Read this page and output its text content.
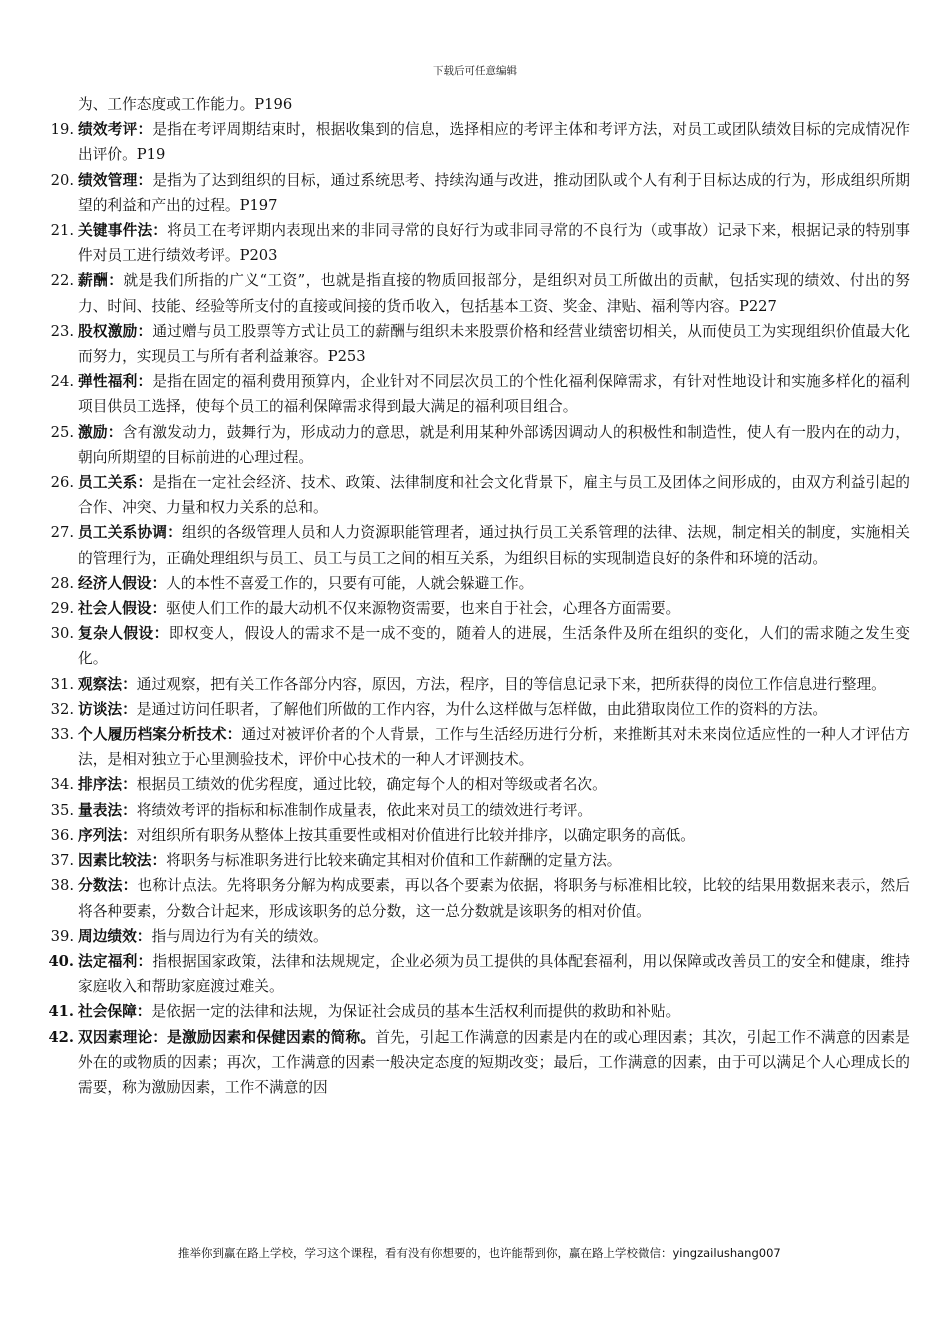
下载后可任意编辑
为、工作态度或工作能力。P196
19. 绩效考评：是指在考评周期结束时，根据收集到的信息，选择相应的考评主体和考评方法，对员工或团队绩效目标的完成情况作出评价。P19
20. 绩效管理：是指为了达到组织的目标，通过系统思考、持续沟通与改进，推动团队或个人有利于目标达成的行为，形成组织所期望的利益和产出的过程。P197
21. 关键事件法：将员工在考评期内表现出来的非同寻常的良好行为或非同寻常的不良行为（或事故）记录下来，根据记录的特别事件对员工进行绩效考评。P203
22. 薪酬：就是我们所指的广义“工资”，也就是指直接的物质回报部分，是组织对员工所做出的贡献，包括实现的绩效、付出的努力、时间、技能、经验等所支付的直接或间接的货币收入，包括基本工资、奖金、津贴、福利等内容。P227
23. 股权激励：通过赠与员工股票等方式让员工的薪酬与组织未来股票价格和经营业绩密切相关，从而使员工为实现组织价值最大化而努力，实现员工与所有者利益兼容。P253
24. 弹性福利：是指在固定的福利费用预算内，企业针对不同层次员工的个性化福利保障需求，有针对性地设计和实施多样化的福利项目供员工选择，使每个员工的福利保障需求得到最大满足的福利项目组合。
25. 激励：含有激发动力，鼓舞行为，形成动力的意思，就是利用某种外部诱因调动人的积极性和制造性，使人有一股内在的动力，朝向所期望的目标前进的心理过程。
26. 员工关系：是指在一定社会经济、技术、政策、法律制度和社会文化背景下，雇主与员工及团体之间形成的，由双方利益引起的合作、冲突、力量和权力关系的总和。
27. 员工关系协调：组织的各级管理人员和人力资源职能管理者，通过执行员工关系管理的法律、法规，制定相关的制度，实施相关的管理行为，正确处理组织与员工、员工与员工之间的相互关系，为组织目标的实现制造良好的条件和环境的活动。
28. 经济人假设：人的本性不喜爱工作的，只要有可能，人就会躲避工作。
29. 社会人假设：驱使人们工作的最大动机不仅来源物资需要，也来自于社会，心理各方面需要。
30. 复杂人假设：即权变人，假设人的需求不是一成不变的，随着人的进展，生活条件及所在组织的变化，人们的需求随之发生变化。
31. 观察法：通过观察，把有关工作各部分内容，原因，方法，程序，目的等信息记录下来，把所获得的岗位工作信息进行整理。
32. 访谈法：是通过访问任职者，了解他们所做的工作内容，为什么这样做与怎样做，由此猎取岗位工作的资料的方法。
33. 个人履历档案分析技术：通过对被评价者的个人背景，工作与生活经历进行分析，来推断其对未来岗位适应性的一种人才评估方法，是相对独立于心里测验技术，评价中心技术的一种人才评测技术。
34. 排序法：根据员工绩效的优劣程度，通过比较，确定每个人的相对等级或者名次。
35. 量表法：将绩效考评的指标和标准制作成量表，依此来对员工的绩效进行考评。
36. 序列法：对组织所有职务从整体上按其重要性或相对价值进行比较并排序，以确定职务的高低。
37. 因素比较法：将职务与标准职务进行比较来确定其相对价值和工作薪酬的定量方法。
38. 分数法：也称计点法。先将职务分解为构成要素，再以各个要素为依据，将职务与标准相比较，比较的结果用数据来表示，然后将各种要素，分数合计起来，形成该职务的总分数，这一总分数就是该职务的相对价值。
39. 周边绩效：指与周边行为有关的绩效。
40. 法定福利：指根据国家政策，法律和法规规定，企业必须为员工提供的具体配套福利，用以保障或改善员工的安全和健康，维持家庭收入和帮助家庭渡过难关。
41. 社会保障：是依据一定的法律和法规，为保证社会成员的基本生活权利而提供的救助和补贴。
42. 双因素理论：是激励因素和保健因素的简称。首先，引起工作满意的因素是内在的或心理因素；其次，引起工作不满意的因素是外在的或物质的因素；再次，工作满意的因素一般决定态度的短期改变；最后，工作满意的因素，由于可以满足个人心理成长的需要，称为激励因素，工作不满意的因
推举你到赢在路上学校，学习这个课程，看有没有你想要的，也许能帮到你，赢在路上学校微信：yingzailushang007
